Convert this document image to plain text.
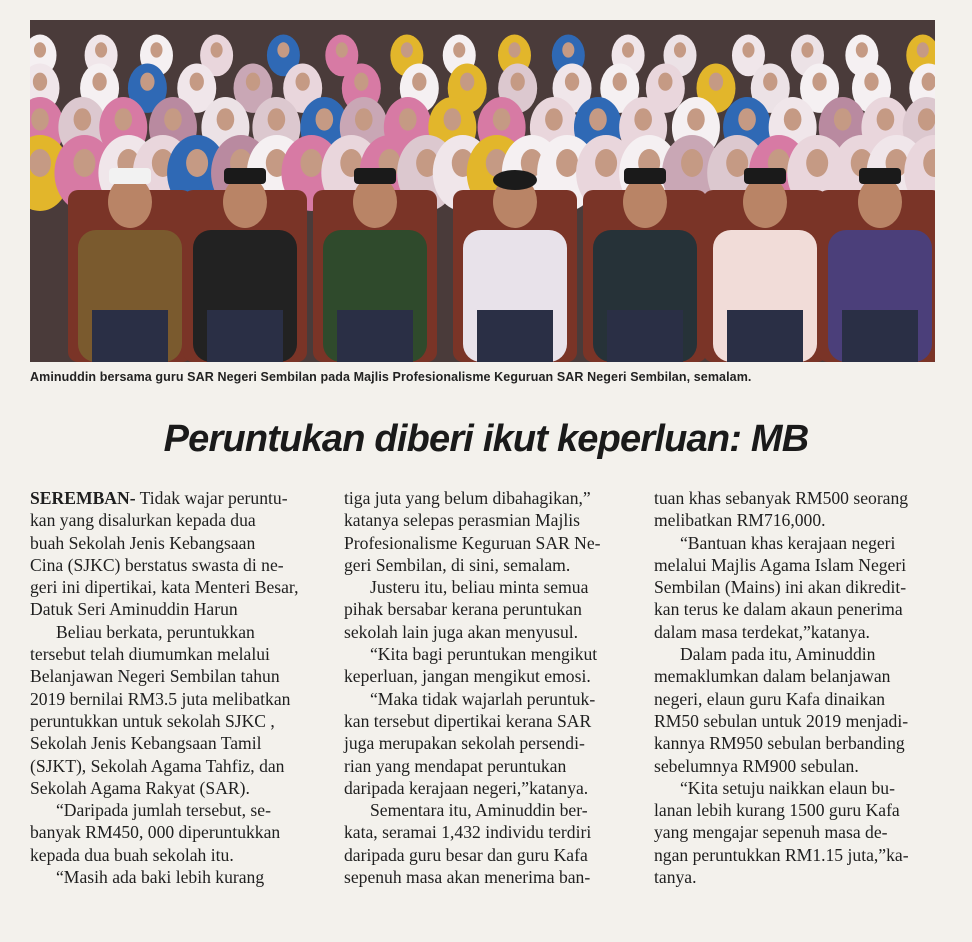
Aminuddin bersama guru SAR Negeri Sembilan pada Majlis Profesionalisme Keguruan SAR Negeri Sembilan, semalam.
Peruntukan diberi ikut keperluan: MB

SEREMBAN- Tidak wajar peruntu-
kan yang disalurkan kepada dua
buah Sekolah Jenis Kebangsaan
Cina (SJKC) berstatus swasta di ne-
geri ini dipertikai, kata Menteri Besar,
Datuk Seri Aminuddin Harun

Beliau berkata, peruntukkan
tersebut telah diumumkan melalui
Belanjawan Negeri Sembilan tahun
2019 bernilai RM3.5 juta melibatkan
peruntukkan untuk sekolah SJKC ,
Sekolah Jenis Kebangsaan Tamil
(SJKT), Sekolah Agama Tahfiz, dan
Sekolah Agama Rakyat (SAR).

“Daripada jumlah tersebut, se-
banyak RM450, 000 diperuntukkan
kepada dua buah sekolah itu.

“Masih ada baki lebih kurang

tiga juta yang belum dibahagikan,”
katanya selepas perasmian Majlis
Profesionalisme Keguruan SAR Ne-
geri Sembilan, di sini, semalam.

Justeru itu, beliau minta semua
pihak bersabar kerana peruntukan
sekolah lain juga akan menyusul.

“Kita bagi peruntukan mengikut
keperluan, jangan mengikut emosi.

“Maka tidak wajarlah peruntuk-
kan tersebut dipertikai kerana SAR
juga merupakan sekolah persendi-
rian yang mendapat peruntukan
daripada kerajaan negeri,”katanya.

Sementara itu, Aminuddin ber-
kata, seramai 1,432 individu terdiri
daripada guru besar dan guru Kafa
sepenuh masa akan menerima ban-

tuan khas sebanyak RM500 seorang
melibatkan RM716,000.

“Bantuan khas kerajaan negeri
melalui Majlis Agama Islam Negeri
Sembilan (Mains) ini akan dikredit-
kan terus ke dalam akaun penerima
dalam masa terdekat,”katanya.

Dalam pada itu, Aminuddin
memaklumkan dalam belanjawan
negeri, elaun guru Kafa dinaikan
RM50 sebulan untuk 2019 menjadi-
kannya RM950 sebulan berbanding
sebelumnya RM900 sebulan.

“Kita setuju naikkan elaun bu-
lanan lebih kurang 1500 guru Kafa
yang mengajar sepenuh masa de-
ngan peruntukkan RM1.15 juta,”ka-
tanya.
